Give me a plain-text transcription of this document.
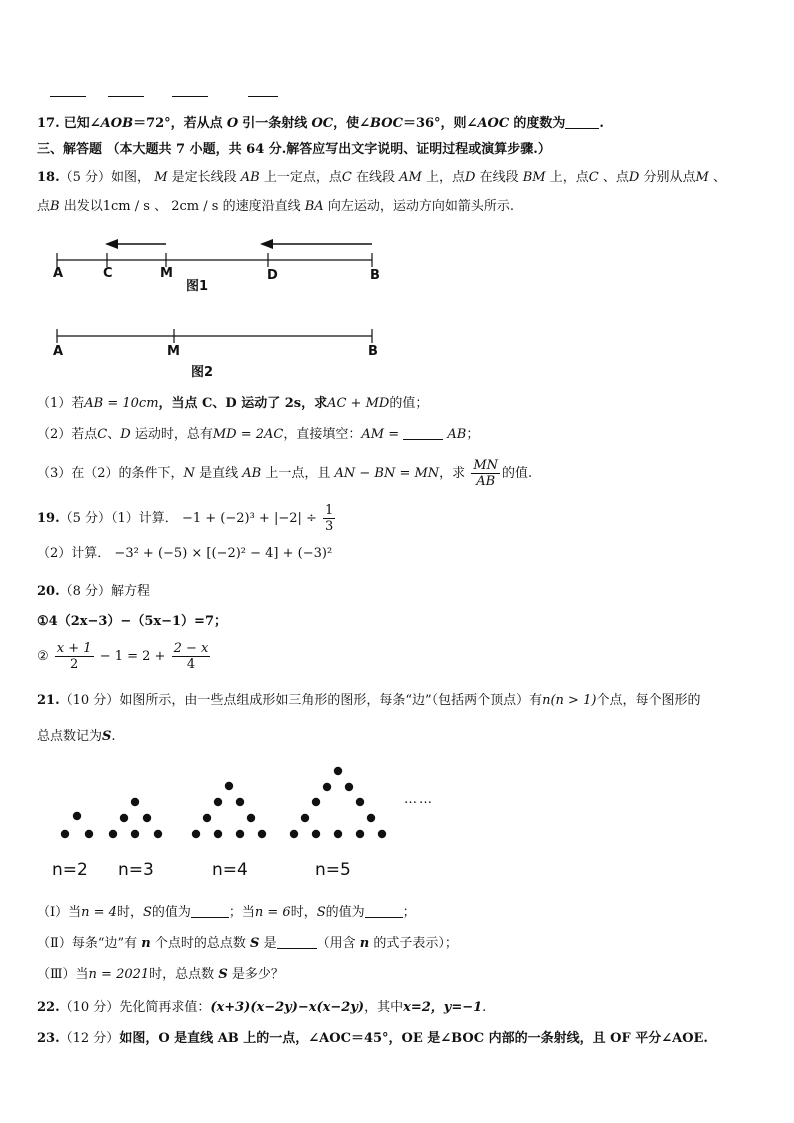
17. 已知∠AOB＝72°，若从点 O 引一条射线 OC，使∠BOC＝36°，则∠AOC 的度数为	.
三、解答题 （本大题共 7 小题，共 64 分.解答应写出文字说明、证明过程或演算步骤.）
18.（5 分）如图， M 是定长线段 AB 上一定点，点C 在线段 AM 上，点D 在线段 BM 上，点C 、点D 分别从点M 、
点B 出发以1cm / s 、 2cm / s 的速度沿直线 BA 向左运动，运动方向如箭头所示.
A	C	M	D	B
图1
A	M	B
图2
（1）若AB = 10cm，当点 C、D 运动了 2s，求AC + MD的值；
（2）若点C、D 运动时，总有MD = 2AC，直接填空：AM =	AB；
（3）在（2）的条件下，N 是直线 AB 上一点，且 AN − BN = MN，求 $\frac{MN}{AB}$ 的值.
19.（5 分）（1）计算． $-1 + (-2)^3 + |-2| \div \frac{1}{3}$
（2）计算． −3² + (−5) × [(−2)² − 4] + (−3)²
20.（8 分）解方程
①4（2x−3）−（5x−1）=7；
② $\frac{x + 1}{2} - 1 = 2 + \frac{2 - x}{4}$
21.（10 分）如图所示，由一些点组成形如三角形的图形，每条“边”（包括两个顶点）有n(n > 1)个点，每个图形的
总点数记为S.
……
n=2 n=3	n=4	n=5
（Ⅰ）当n = 4时，S的值为	；当n = 6时，S的值为	；
（Ⅱ）每条“边”有 n 个点时的总点数 S 是	（用含 n 的式子表示）；
（Ⅲ）当n = 2021时，总点数 S 是多少？
22.（10 分）先化简再求值：(x+3)(x−2y)−x(x−2y)，其中x=2，y=−1.
23.（12 分）如图，O 是直线 AB 上的一点，∠AOC＝45°，OE 是∠BOC 内部的一条射线，且 OF 平分∠AOE.
